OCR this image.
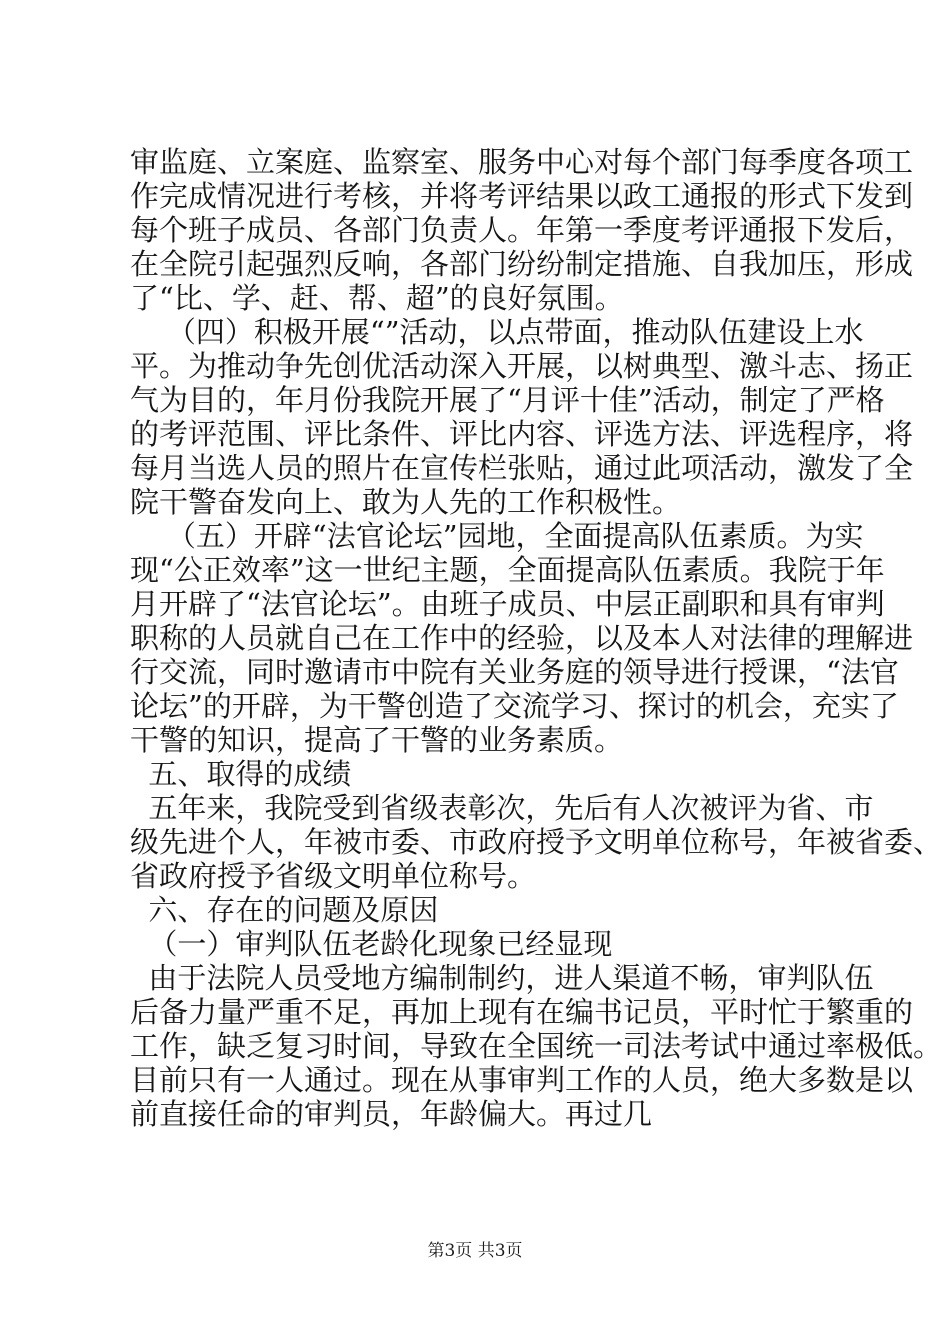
审监庭、立案庭、监察室、服务中心对每个部门每季度各项工
作完成情况进行考核，并将考评结果以政工通报的形式下发到
每个班子成员、各部门负责人。年第一季度考评通报下发后，
在全院引起强烈反响，各部门纷纷制定措施、自我加压，形成
了“比、学、赶、帮、超”的良好氛围。
（四）积极开展“”活动，以点带面，推动队伍建设上水
平。为推动争先创优活动深入开展，以树典型、激斗志、扬正
气为目的，年月份我院开展了“月评十佳”活动，制定了严格
的考评范围、评比条件、评比内容、评选方法、评选程序，将
每月当选人员的照片在宣传栏张贴，通过此项活动，激发了全
院干警奋发向上、敢为人先的工作积极性。
（五）开辟“法官论坛”园地，全面提高队伍素质。为实
现“公正效率”这一世纪主题，全面提高队伍素质。我院于年
月开辟了“法官论坛”。由班子成员、中层正副职和具有审判
职称的人员就自己在工作中的经验，以及本人对法律的理解进
行交流，同时邀请市中院有关业务庭的领导进行授课，“法官
论坛”的开辟，为干警创造了交流学习、探讨的机会，充实了
干警的知识，提高了干警的业务素质。
五、取得的成绩
五年来，我院受到省级表彰次，先后有人次被评为省、市
级先进个人，年被市委、市政府授予文明单位称号，年被省委、
省政府授予省级文明单位称号。
六、存在的问题及原因
（一）审判队伍老龄化现象已经显现
由于法院人员受地方编制制约，进人渠道不畅，审判队伍
后备力量严重不足，再加上现有在编书记员，平时忙于繁重的
工作，缺乏复习时间，导致在全国统一司法考试中通过率极低。
目前只有一人通过。现在从事审判工作的人员，绝大多数是以
前直接任命的审判员，年龄偏大。再过几
第3页 共3页
